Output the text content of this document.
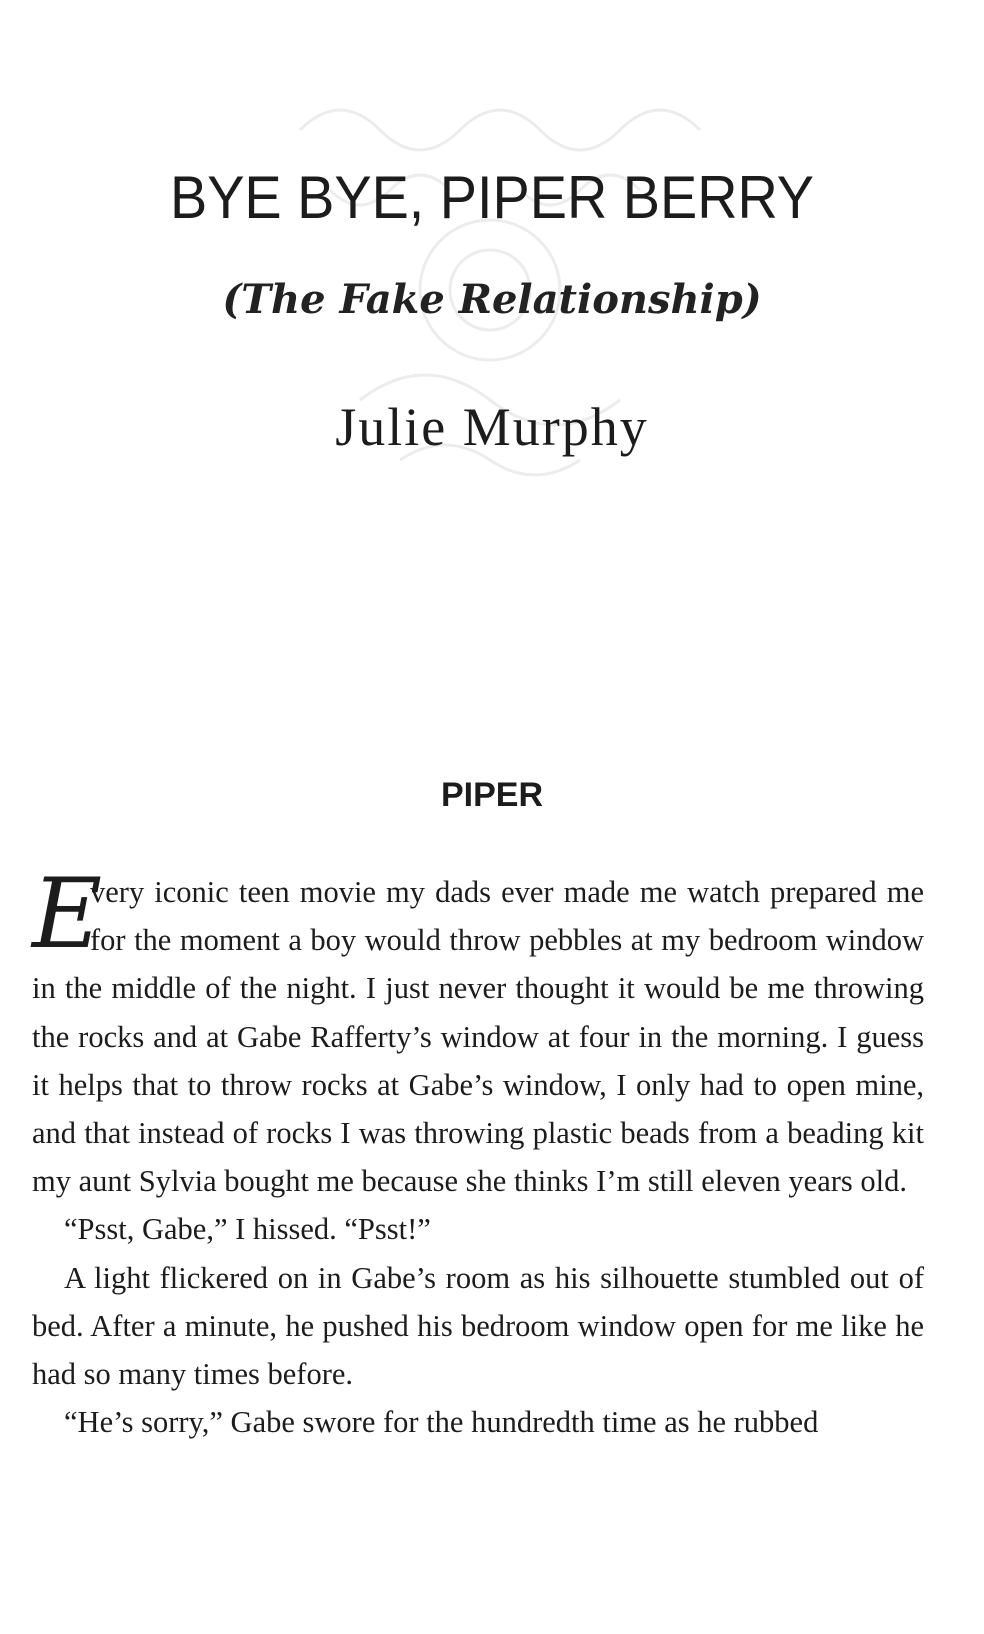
BYE BYE, PIPER BERRY
(The Fake Relationship)
Julie Murphy
PIPER

E
very iconic teen movie my dads ever made me watch prepared me for the moment a boy would throw pebbles at my bedroom window in the middle of the night. I just never thought it would be me throwing the rocks and at Gabe Rafferty’s window at four in the morning. I guess it helps that to throw rocks at Gabe’s window, I only had to open mine, and that instead of rocks I was throwing plastic beads from a beading kit my aunt Sylvia bought me because she thinks I’m still eleven years old.

“Psst, Gabe,” I hissed. “Psst!”

A light flickered on in Gabe’s room as his silhouette stumbled out of bed. After a minute, he pushed his bedroom window open for me like he had so many times before.

“He’s sorry,” Gabe swore for the hundredth time as he rubbed
